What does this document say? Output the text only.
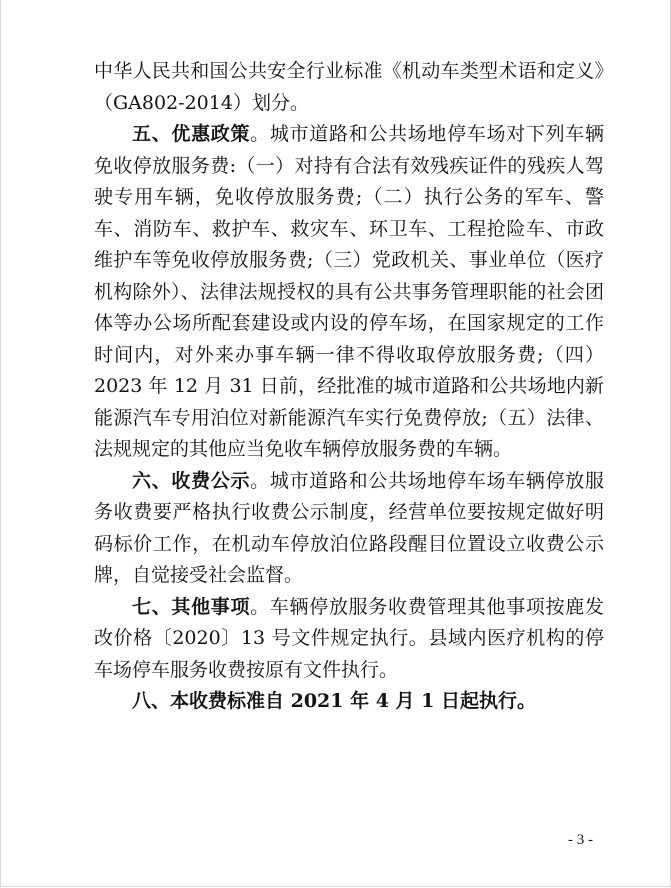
中华人民共和国公共安全行业标准《机动车类型术语和定义》（GA802-2014）划分。

五、优惠政策。城市道路和公共场地停车场对下列车辆免收停放服务费:（一）对持有合法有效残疾证件的残疾人驾驶专用车辆，免收停放服务费;（二）执行公务的军车、警车、消防车、救护车、救灾车、环卫车、工程抢险车、市政维护车等免收停放服务费;（三）党政机关、事业单位（医疗机构除外）、法律法规授权的具有公共事务管理职能的社会团体等办公场所配套建设或内设的停车场，在国家规定的工作时间内，对外来办事车辆一律不得收取停放服务费;（四）2023 年 12 月 31 日前，经批准的城市道路和公共场地内新能源汽车专用泊位对新能源汽车实行免费停放;（五）法律、法规规定的其他应当免收车辆停放服务费的车辆。

六、收费公示。城市道路和公共场地停车场车辆停放服务收费要严格执行收费公示制度，经营单位要按规定做好明码标价工作，在机动车停放泊位路段醒目位置设立收费公示牌，自觉接受社会监督。

七、其他事项。车辆停放服务收费管理其他事项按鹿发改价格〔2020〕13 号文件规定执行。县域内医疗机构的停车场停车服务收费按原有文件执行。

八、本收费标准自 2021 年 4 月 1 日起执行。

- 3 -
